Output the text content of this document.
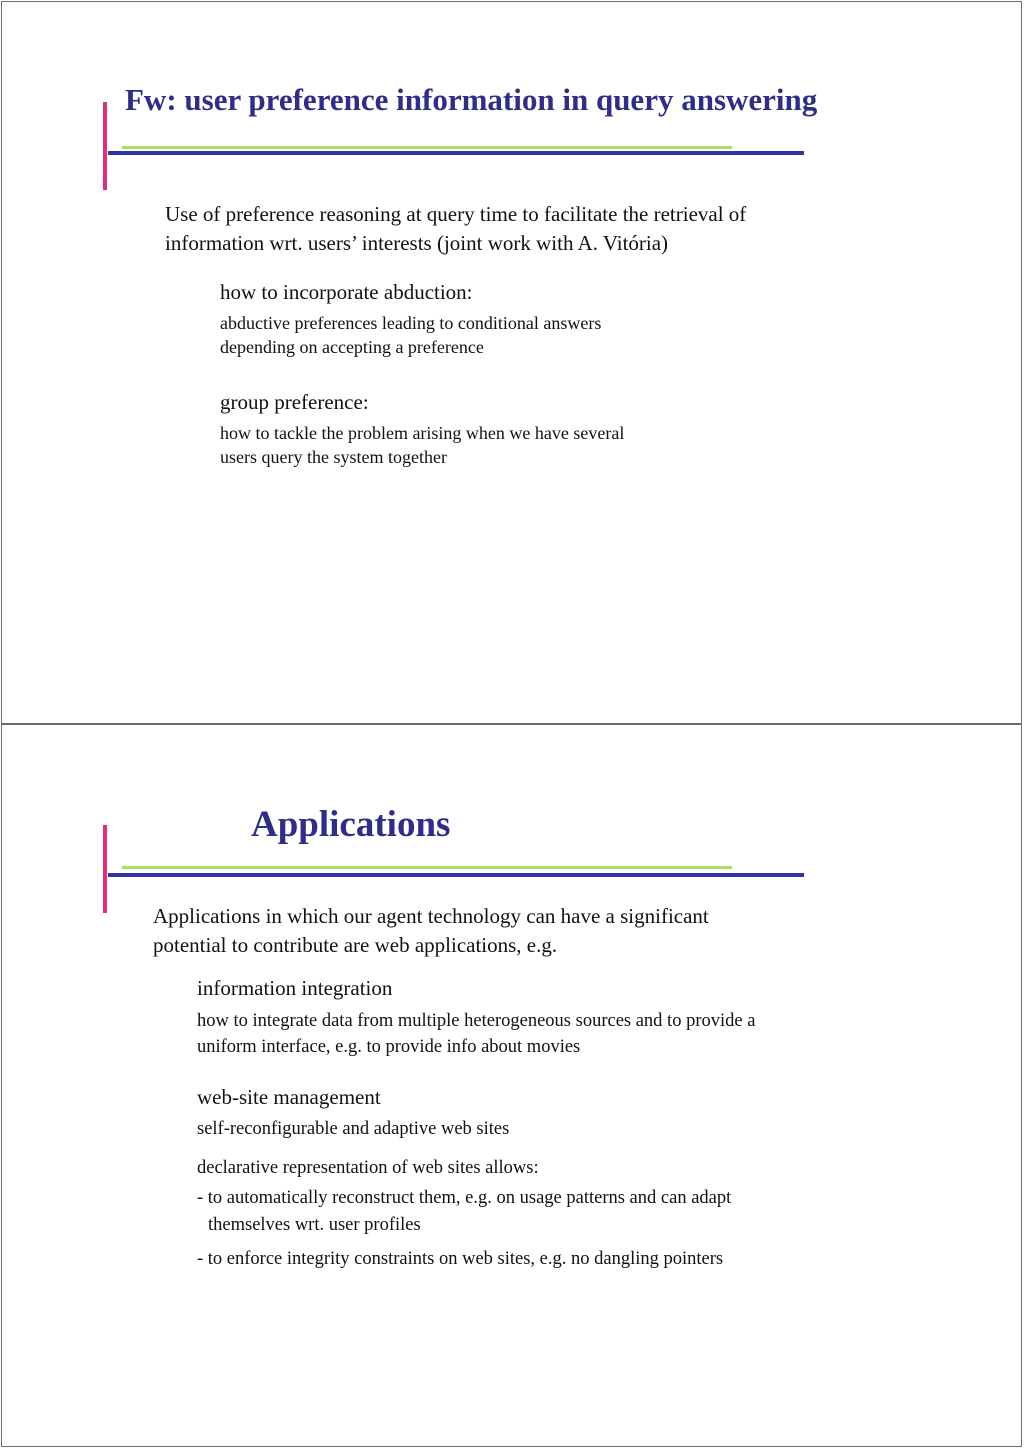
Fw: user preference information in query answering

Use of preference reasoning at query time to facilitate the retrieval of

information wrt. users’ interests (joint work with A. Vitória)

how to incorporate abduction:

abductive preferences leading to conditional answers

depending on accepting a preference

group preference:

how to tackle the problem arising when we have several

users query the system together

Applications

Applications in which our agent technology can have a significant

potential to contribute are web applications, e.g.

information integration

how to integrate data from multiple heterogeneous sources and to provide a

uniform interface, e.g. to provide info about movies

web-site management

self-reconfigurable and adaptive web sites

declarative representation of web sites allows:

- to automatically reconstruct them, e.g. on usage patterns and can adapt

themselves wrt. user profiles

- to enforce integrity constraints on web sites, e.g. no dangling pointers
